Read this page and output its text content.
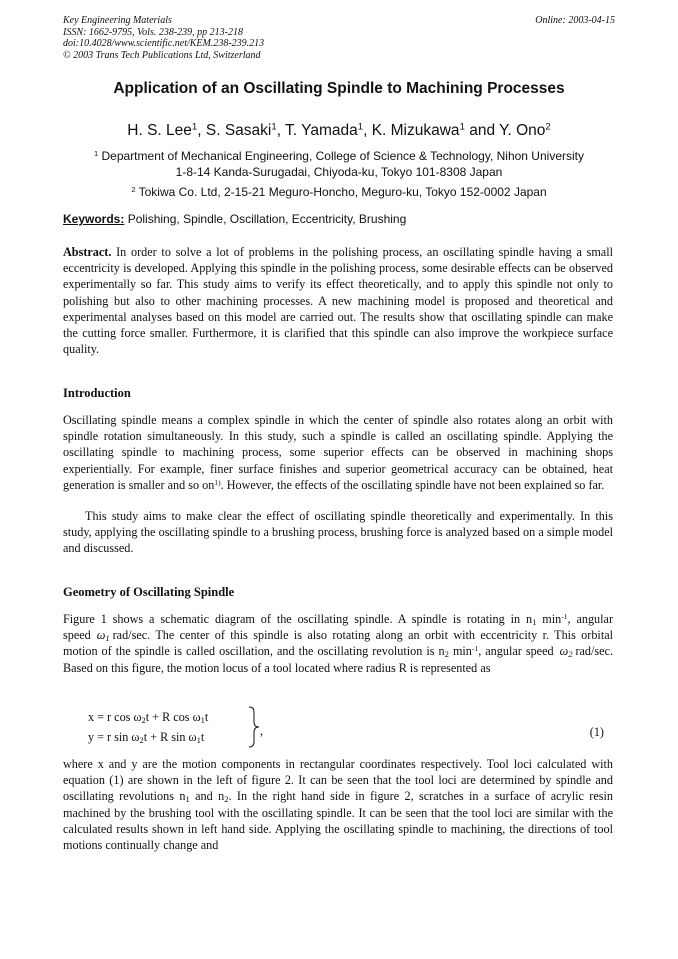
Key Engineering Materials
ISSN: 1662-9795, Vols. 238-239, pp 213-218
doi:10.4028/www.scientific.net/KEM.238-239.213
© 2003 Trans Tech Publications Ltd, Switzerland
Online: 2003-04-15
Application of an Oscillating Spindle to Machining Processes
H. S. Lee$^1$, S. Sasaki$^1$, T. Yamada$^1$, K. Mizukawa$^1$ and Y. Ono$^2$
$^1$ Department of Mechanical Engineering, College of Science & Technology, Nihon University
1-8-14 Kanda-Surugadai, Chiyoda-ku, Tokyo 101-8308 Japan
$^2$ Tokiwa Co. Ltd, 2-15-21 Meguro-Honcho, Meguro-ku, Tokyo 152-0002 Japan
Keywords: Polishing, Spindle, Oscillation, Eccentricity, Brushing
Abstract. In order to solve a lot of problems in the polishing process, an oscillating spindle having a small eccentricity is developed. Applying this spindle in the polishing process, some desirable effects can be observed experimentally so far. This study aims to verify its effect theoretically, and to apply this spindle not only to polishing but also to other machining processes. A new machining model is proposed and theoretical and experimental analyses based on this model are carried out. The results show that oscillating spindle can make the cutting force smaller. Furthermore, it is clarified that this spindle can also improve the workpiece surface quality.
Introduction
Oscillating spindle means a complex spindle in which the center of spindle also rotates along an orbit with spindle rotation simultaneously. In this study, such a spindle is called an oscillating spindle. Applying the oscillating spindle to machining process, some superior effects can be observed in machining shops experientially. For example, finer surface finishes and superior geometrical accuracy can be obtained, heat generation is smaller and so $on^{1)}$. However, the effects of the oscillating spindle have not been explained so far.
This study aims to make clear the effect of oscillating spindle theoretically and experimentally. In this study, applying the oscillating spindle to a brushing process, brushing force is analyzed based on a simple model and discussed.
Geometry of Oscillating Spindle
Figure 1 shows a schematic diagram of the oscillating spindle. A spindle is rotating in $n_1$ $\min^{-1}$, angular speed $\omega_1$ rad/sec. The center of this spindle is also rotating along an orbit with eccentricity r. This orbital motion of the spindle is called oscillation, and the oscillating revolution is $n_2$ $\min^{-1}$, angular speed $\omega_2$ rad/sec. Based on this figure, the motion locus of a tool located where radius R is represented as
x = r $\cos \omega_2t + R$ $\cos \omega_1t$
y = r $\sin \omega_2t + R$ $\sin \omega_1t$	,	(1)
where x and y are the motion components in rectangular coordinates respectively. Tool loci calculated with equation (1) are shown in the left of figure 2. It can be seen that the tool loci are determined by spindle and oscillating revolutions $n_1$ and $n_2$. In the right hand side in figure 2, scratches in a surface of acrylic resin machined by the brushing tool with the oscillating spindle. It can be seen that the tool loci are similar with the calculated results shown in left hand side. Applying the oscillating spindle to machining, the directions of tool motions continually change and
